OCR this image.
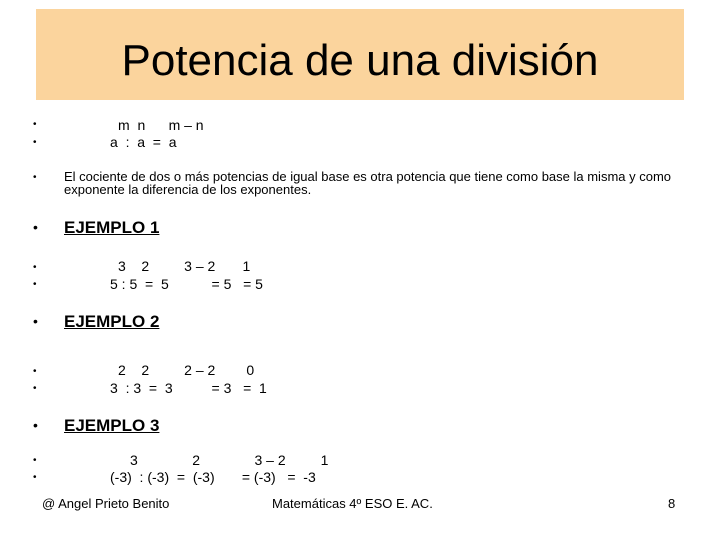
Potencia de una división
•
•
m  n      m – n
a  :  a  =  a
• El cociente de dos o más potencias de igual base es otra potencia que tiene como base la misma y como exponente la diferencia de los exponentes.
• EJEMPLO 1
•
•
3    2         3 – 2       1
5 : 5  =  5           = 5   = 5
• EJEMPLO 2
•
•
2    2         2 – 2        0
3  : 3  =  3          = 3   =  1
• EJEMPLO 3
•
•
3              2              3 – 2         1
(-3)  : (-3)  =  (-3)       = (-3)   =  -3
@ Angel Prieto Benito	Matemáticas 4º ESO E. AC.	8
